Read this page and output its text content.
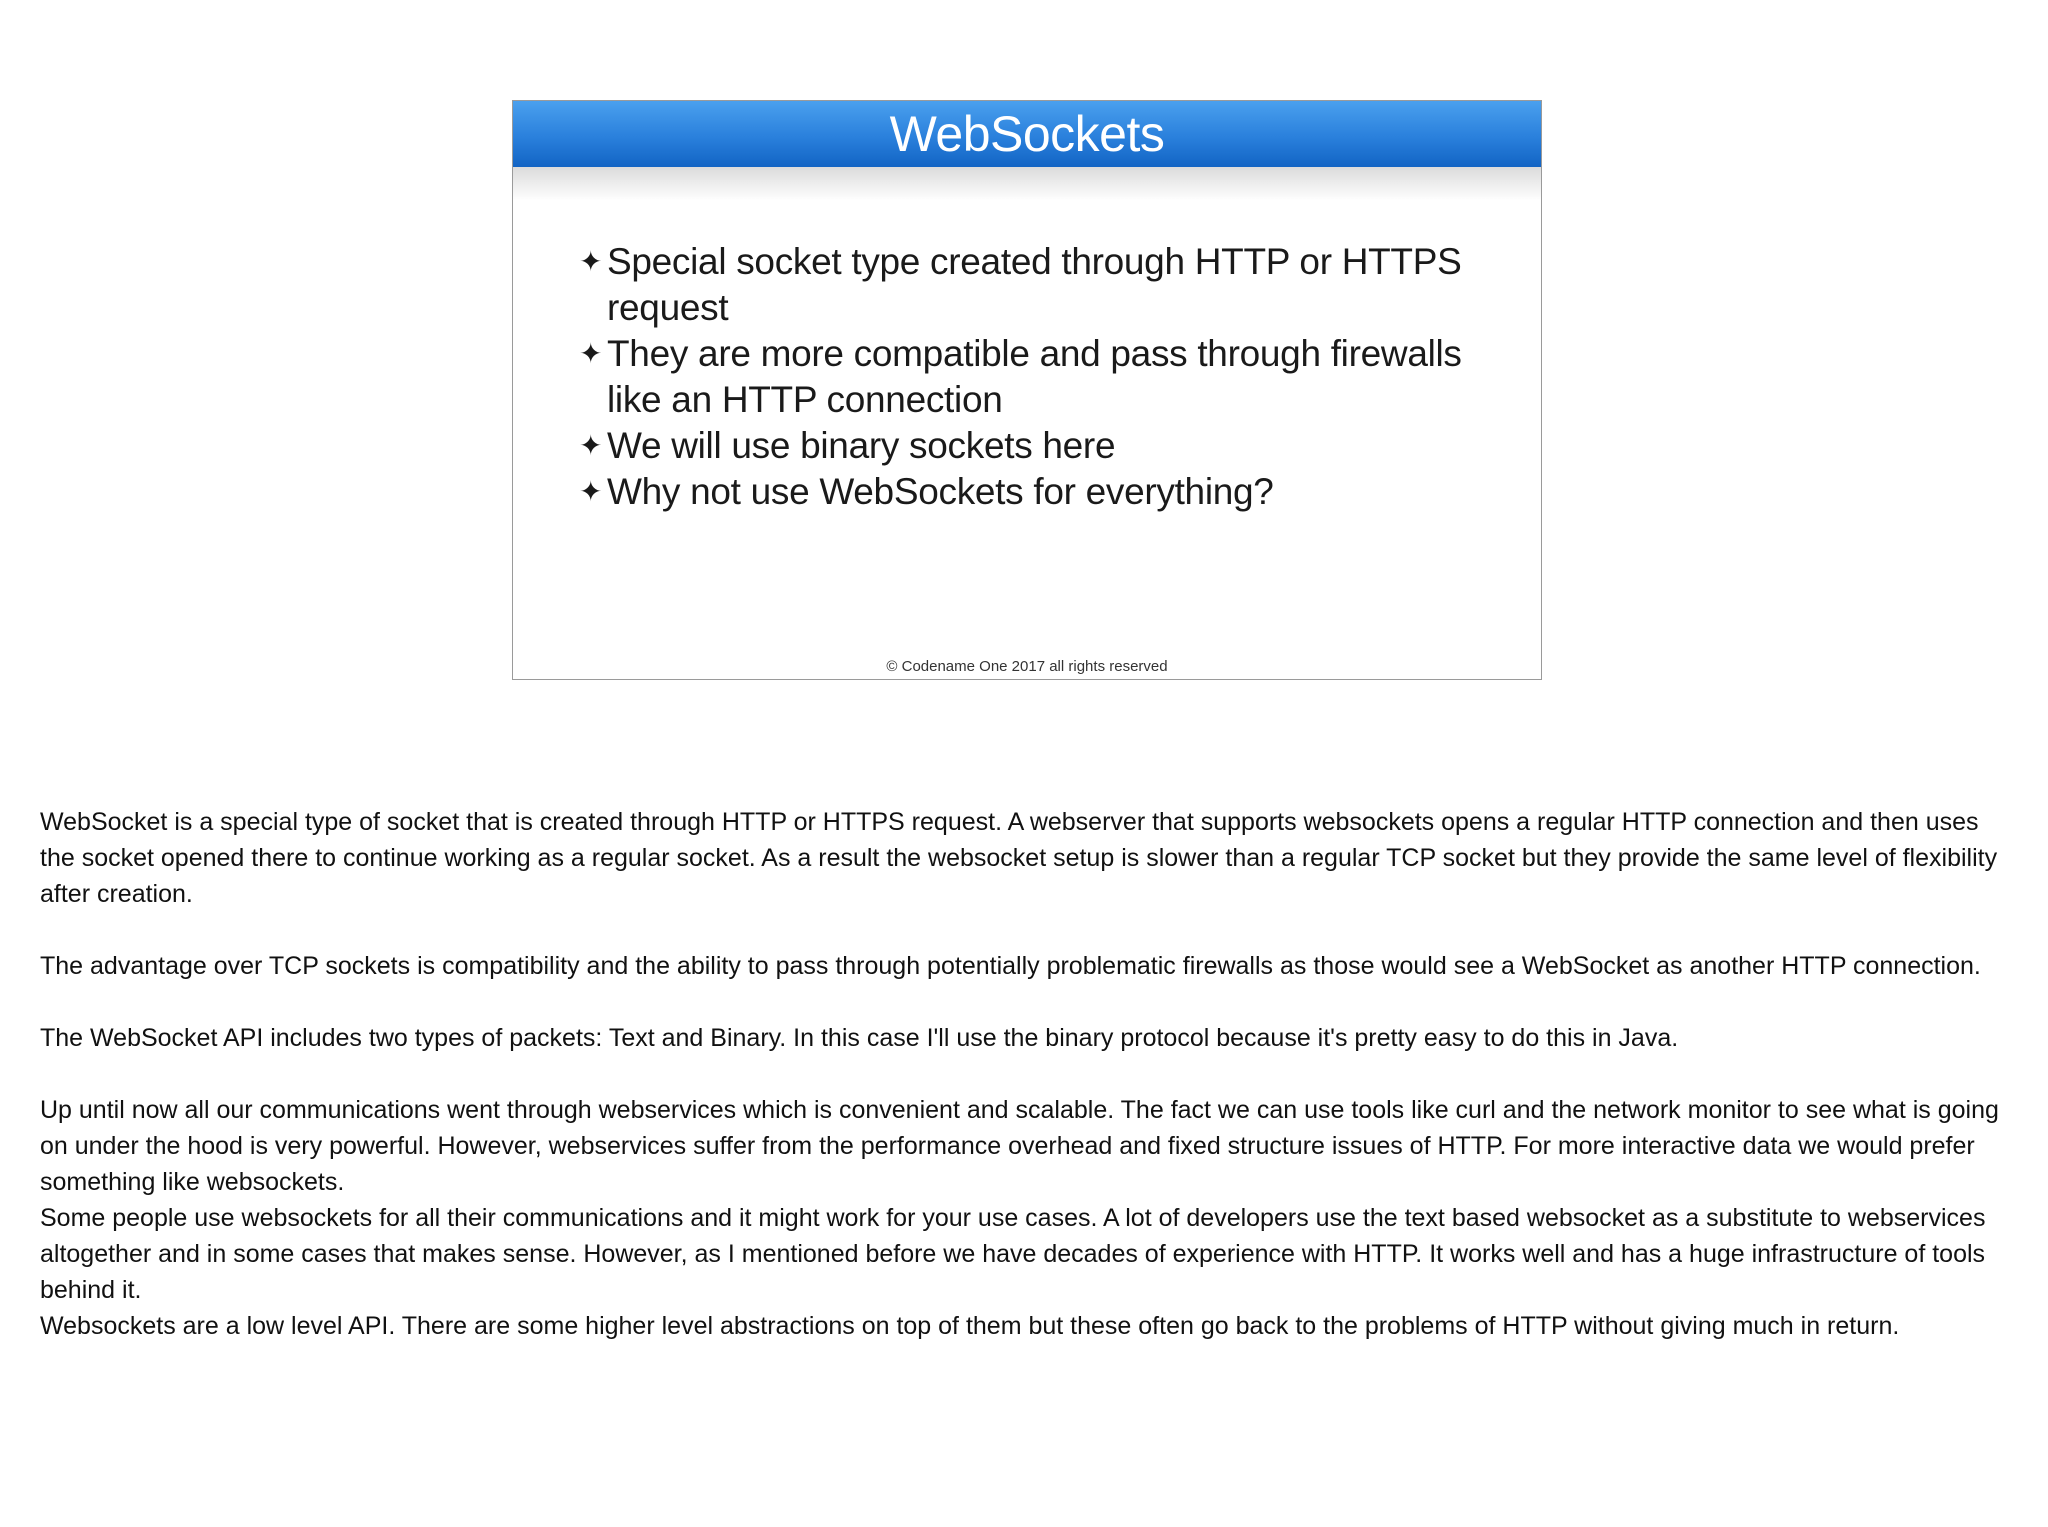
WebSockets
✦ Special socket type created through HTTP or HTTPS request
✦ They are more compatible and pass through firewalls like an HTTP connection
✦ We will use binary sockets here
✦ Why not use WebSockets for everything?
© Codename One 2017 all rights reserved

WebSocket is a special type of socket that is created through HTTP or HTTPS request. A webserver that supports websockets opens a regular HTTP connection and then uses the socket opened there to continue working as a regular socket. As a result the websocket setup is slower than a regular TCP socket but they provide the same level of flexibility after creation.

The advantage over TCP sockets is compatibility and the ability to pass through potentially problematic firewalls as those would see a WebSocket as another HTTP connection.

The WebSocket API includes two types of packets: Text and Binary. In this case I'll use the binary protocol because it's pretty easy to do this in Java.

Up until now all our communications went through webservices which is convenient and scalable. The fact we can use tools like curl and the network monitor to see what is going on under the hood is very powerful. However, webservices suffer from the performance overhead and fixed structure issues of HTTP. For more interactive data we would prefer something like websockets.

Some people use websockets for all their communications and it might work for your use cases. A lot of developers use the text based websocket as a substitute to webservices altogether and in some cases that makes sense. However, as I mentioned before we have decades of experience with HTTP. It works well and has a huge infrastructure of tools behind it.

Websockets are a low level API. There are some higher level abstractions on top of them but these often go back to the problems of HTTP without giving much in return.
